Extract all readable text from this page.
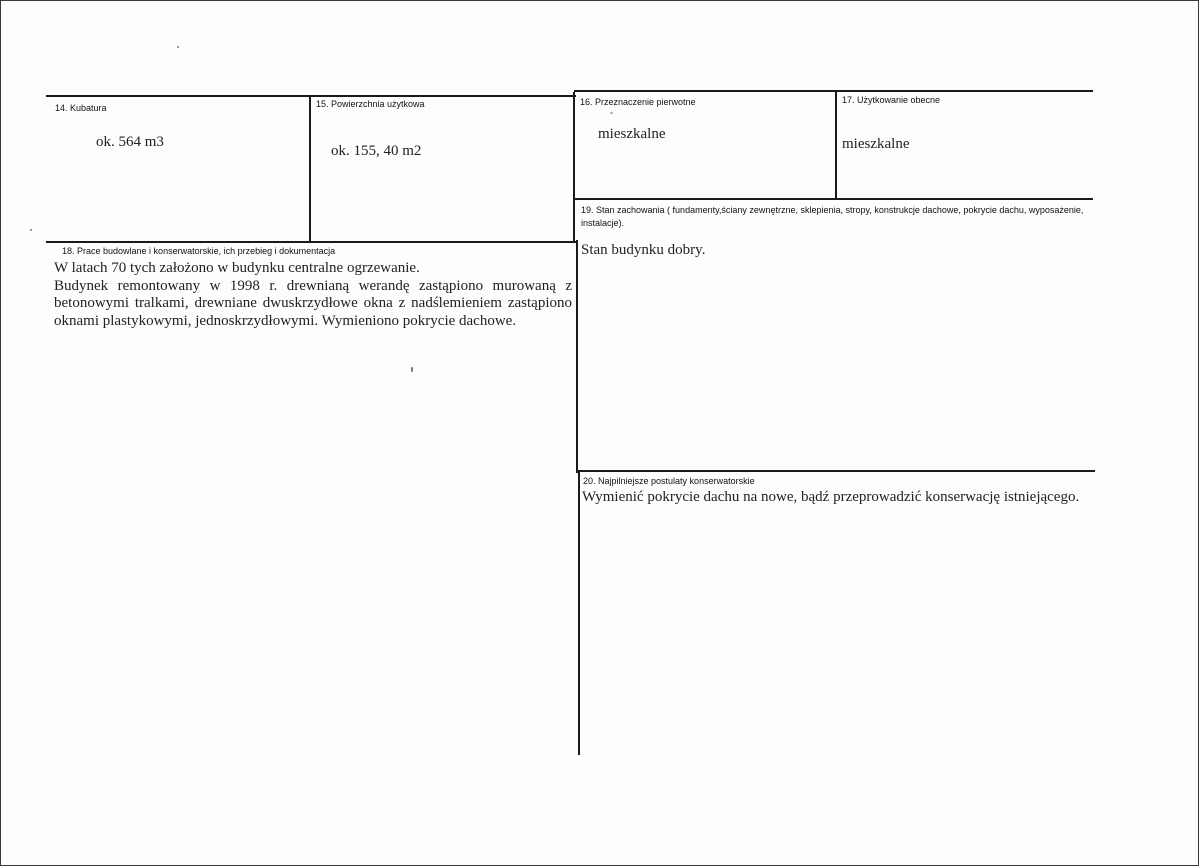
14. Kubatura
ok. 564 m3
15. Powierzchnia użytkowa
ok. 155, 40 m2
16. Przeznaczenie pierwotne
mieszkalne
17. Użytkowanie obecne
mieszkalne
18. Prace budowlane i konserwatorskie, ich przebieg i dokumentacja
W latach 70 tych założono w budynku centralne ogrzewanie.
Budynek remontowany w 1998 r. drewnianą werandę zastąpiono murowaną z betonowymi tralkami, drewniane dwuskrzydłowe okna z nadślemieniem zastąpiono oknami plastykowymi, jednoskrzydłowymi. Wymieniono pokrycie dachowe.
19. Stan zachowania ( fundamenty,ściany zewnętrzne, sklepienia, stropy, konstrukcje dachowe, pokrycie dachu, wyposażenie, instalacje).
Stan budynku dobry.
20. Najpilniejsze postulaty konserwatorskie
Wymienić pokrycie dachu na nowe, bądź przeprowadzić konserwację istniejącego.
